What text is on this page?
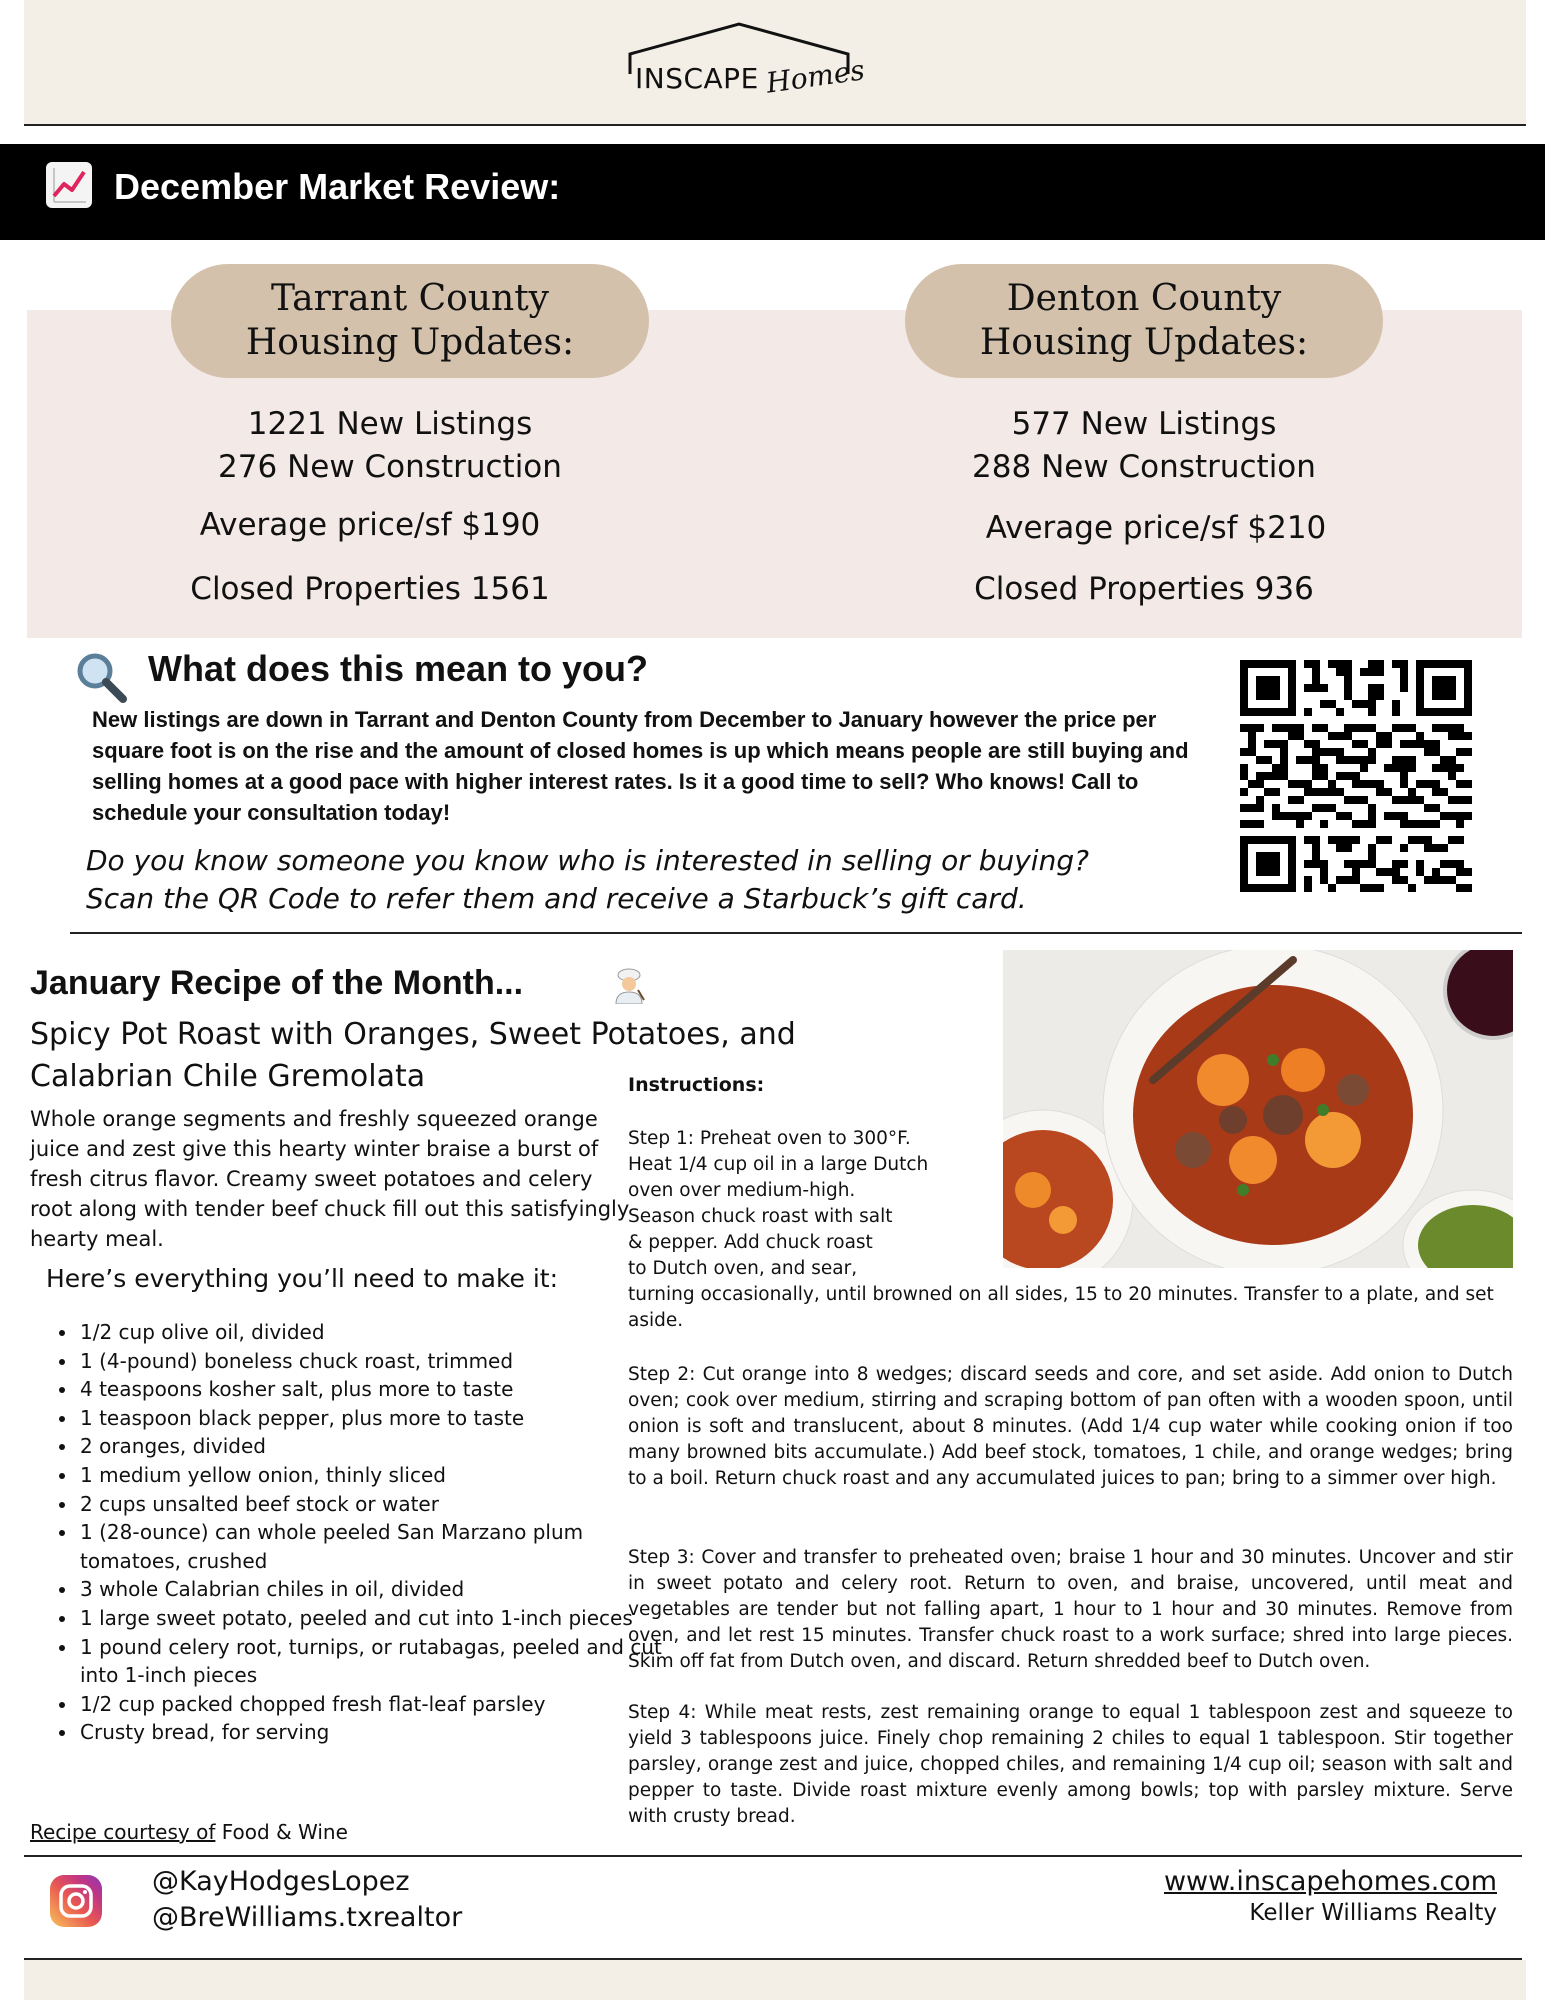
INSCAPE Homes
December Market Review:
Tarrant County
Housing Updates:
Denton County
Housing Updates:
1221 New Listings
276 New Construction
Average price/sf $190
Closed Properties 1561
577 New Listings
288 New Construction
Average price/sf $210
Closed Properties 936
What does this mean to you?
New listings are down in Tarrant and Denton County from December to January however the price per square foot is on the rise and the amount of closed homes is up which means people are still buying and selling homes at a good pace with higher interest rates. Is it a good time to sell? Who knows! Call to schedule your consultation today!
Do you know someone you know who is interested in selling or buying?
Scan the QR Code to refer them and receive a Starbuck’s gift card.
January Recipe of the Month...
Spicy Pot Roast with Oranges, Sweet Potatoes, and Calabrian Chile Gremolata
Whole orange segments and freshly squeezed orange juice and zest give this hearty winter braise a burst of fresh citrus flavor. Creamy sweet potatoes and celery root along with tender beef chuck fill out this satisfyingly hearty meal.
Here’s everything you’ll need to make it:
• 1/2 cup olive oil, divided
• 1 (4-pound) boneless chuck roast, trimmed
• 4 teaspoons kosher salt, plus more to taste
• 1 teaspoon black pepper, plus more to taste
• 2 oranges, divided
• 1 medium yellow onion, thinly sliced
• 2 cups unsalted beef stock or water
• 1 (28-ounce) can whole peeled San Marzano plum tomatoes, crushed
• 3 whole Calabrian chiles in oil, divided
• 1 large sweet potato, peeled and cut into 1-inch pieces
• 1 pound celery root, turnips, or rutabagas, peeled and cut into 1-inch pieces
• 1/2 cup packed chopped fresh flat-leaf parsley
• Crusty bread, for serving
Recipe courtesy of Food & Wine
Instructions:
Step 1: Preheat oven to 300°F.
Heat 1/4 cup oil in a large Dutch
oven over medium-high.
Season chuck roast with salt
& pepper. Add chuck roast
to Dutch oven, and sear,
turning occasionally, until browned on all sides, 15 to 20 minutes. Transfer to a plate, and set aside.
Step 2: Cut orange into 8 wedges; discard seeds and core, and set aside. Add onion to Dutch oven; cook over medium, stirring and scraping bottom of pan often with a wooden spoon, until onion is soft and translucent, about 8 minutes. (Add 1/4 cup water while cooking onion if too many browned bits accumulate.) Add beef stock, tomatoes, 1 chile, and orange wedges; bring to a boil. Return chuck roast and any accumulated juices to pan; bring to a simmer over high.
Step 3: Cover and transfer to preheated oven; braise 1 hour and 30 minutes. Uncover and stir in sweet potato and celery root. Return to oven, and braise, uncovered, until meat and vegetables are tender but not falling apart, 1 hour to 1 hour and 30 minutes. Remove from oven, and let rest 15 minutes. Transfer chuck roast to a work surface; shred into large pieces. Skim off fat from Dutch oven, and discard. Return shredded beef to Dutch oven.
Step 4: While meat rests, zest remaining orange to equal 1 tablespoon zest and squeeze to yield 3 tablespoons juice. Finely chop remaining 2 chiles to equal 1 tablespoon. Stir together parsley, orange zest and juice, chopped chiles, and remaining 1/4 cup oil; season with salt and pepper to taste. Divide roast mixture evenly among bowls; top with parsley mixture. Serve with crusty bread.
@KayHodgesLopez
@BreWilliams.txrealtor
www.inscapehomes.com
Keller Williams Realty
